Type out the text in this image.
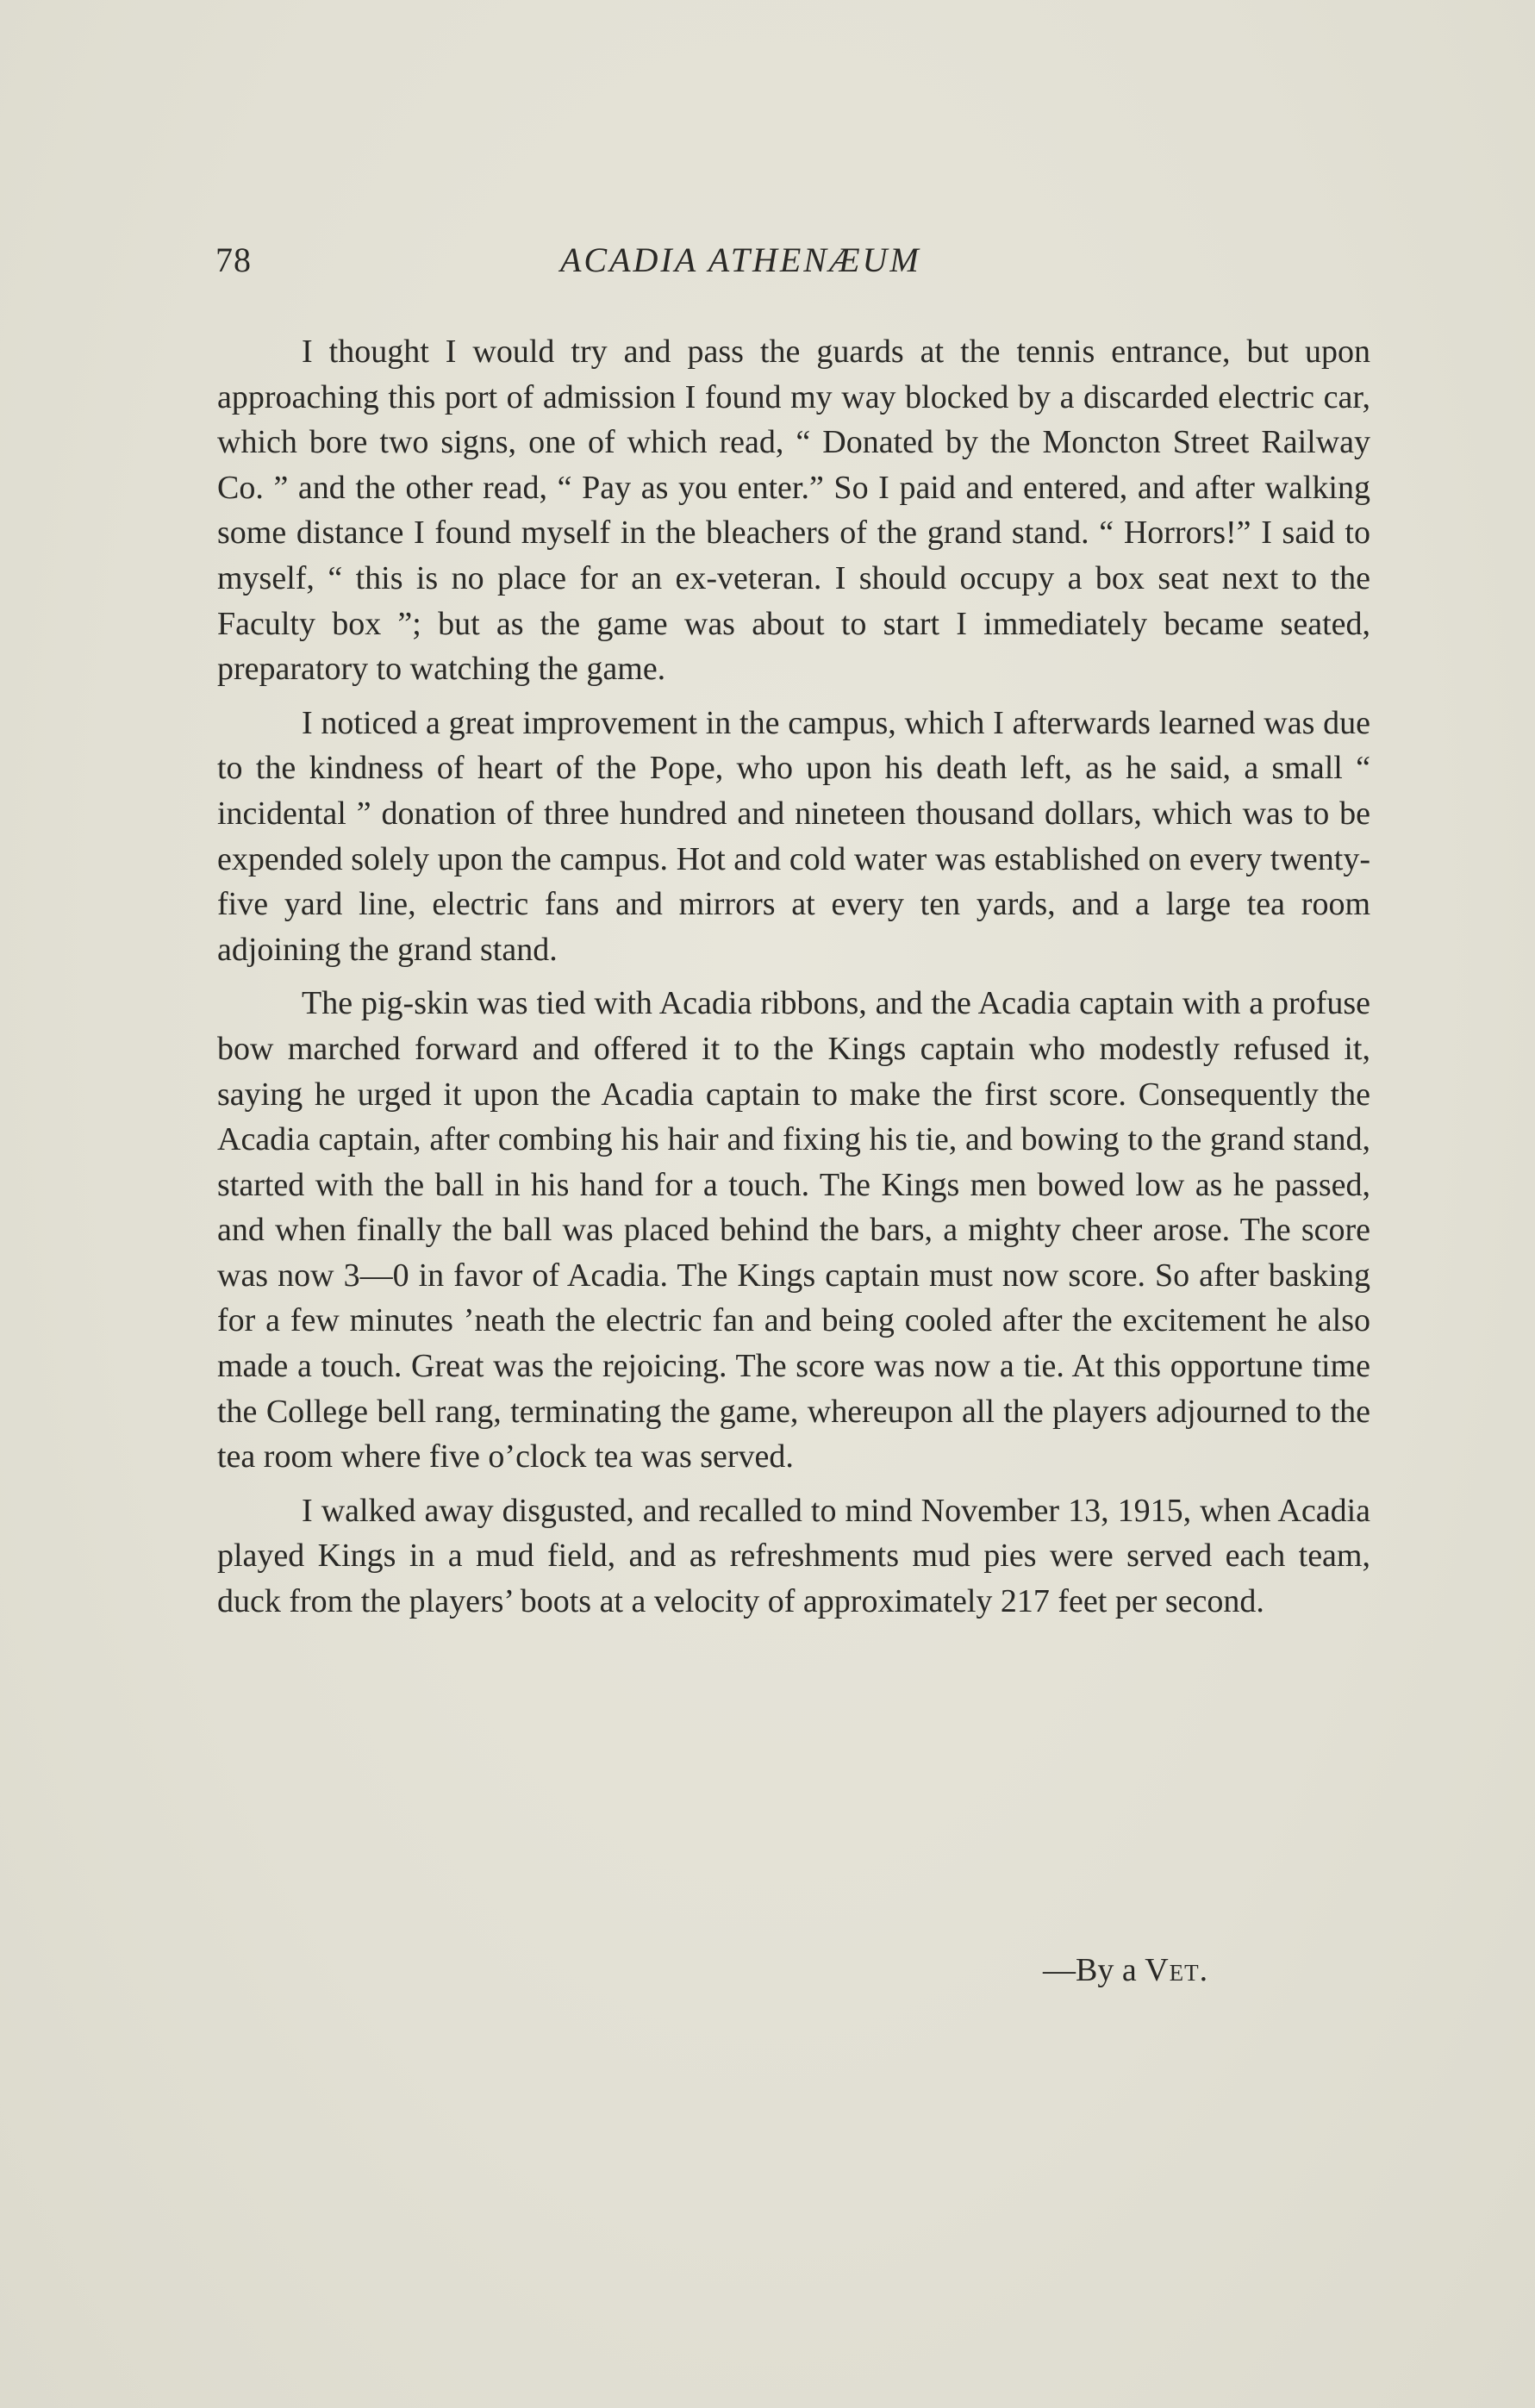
78	ACADIA ATHENÆUM

I thought I would try and pass the guards at the tennis entrance, but upon approaching this port of admission I found my way blocked by a discarded electric car, which bore two signs, one of which read, “ Donated by the Moncton Street Railway Co. ” and the other read, “ Pay as you enter.” So I paid and entered, and after walking some distance I found myself in the bleachers of the grand stand. “ Horrors!” I said to myself, “ this is no place for an ex-veteran. I should occupy a box seat next to the Faculty box ”; but as the game was about to start I immediately became seated, preparatory to watching the game.

I noticed a great improvement in the campus, which I afterwards learned was due to the kindness of heart of the Pope, who upon his death left, as he said, a small “ incidental ” donation of three hundred and nineteen thousand dollars, which was to be expended solely upon the campus. Hot and cold water was established on every twenty-five yard line, electric fans and mirrors at every ten yards, and a large tea room adjoining the grand stand.

The pig-skin was tied with Acadia ribbons, and the Acadia captain with a profuse bow marched forward and offered it to the Kings captain who modestly refused it, saying he urged it upon the Acadia captain to make the first score. Consequently the Acadia captain, after combing his hair and fixing his tie, and bowing to the grand stand, started with the ball in his hand for a touch. The Kings men bowed low as he passed, and when finally the ball was placed behind the bars, a mighty cheer arose. The score was now 3—0 in favor of Acadia. The Kings captain must now score. So after basking for a few minutes ’neath the electric fan and being cooled after the excitement he also made a touch. Great was the rejoicing. The score was now a tie. At this opportune time the College bell rang, terminating the game, whereupon all the players adjourned to the tea room where five o’clock tea was served.

I walked away disgusted, and recalled to mind November 13, 1915, when Acadia played Kings in a mud field, and as refreshments mud pies were served each team, duck from the players’ boots at a velocity of approximately 217 feet per second.

—By a Vet.
